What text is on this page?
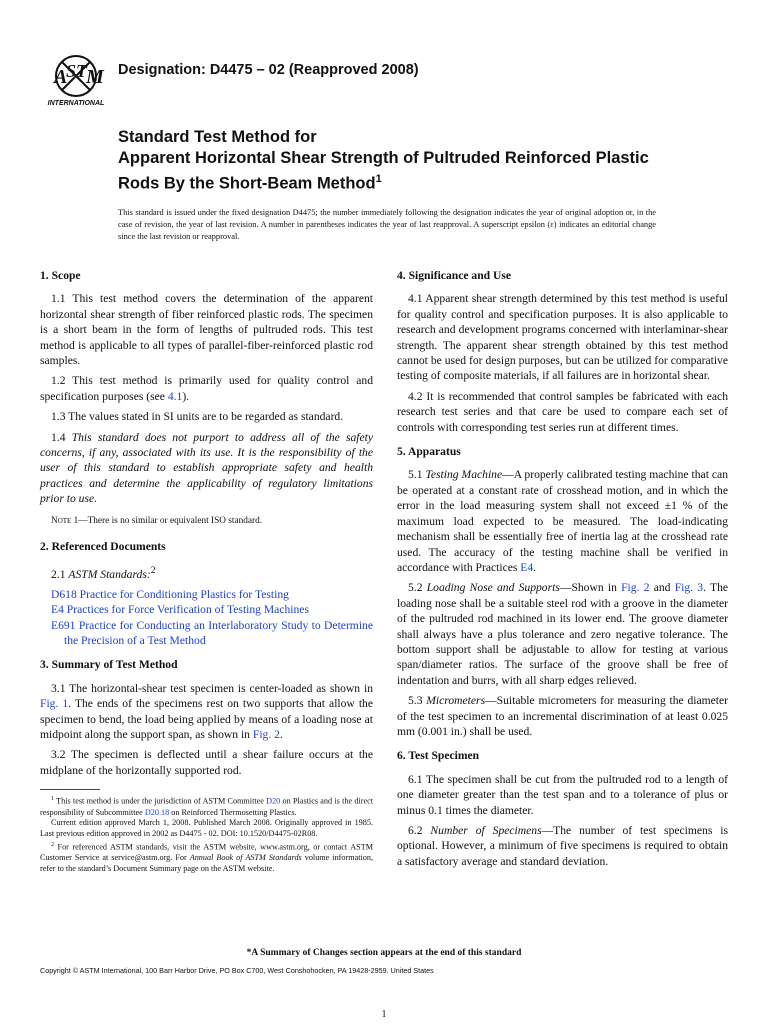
A
S T M
INTERNATIONAL
Designation: D4475 – 02 (Reapproved 2008)
Standard Test Method for
Apparent Horizontal Shear Strength of Pultruded Reinforced Plastic Rods By the Short-Beam Method$^1$
This standard is issued under the fixed designation D4475; the number immediately following the designation indicates the year of original adoption or, in the case of revision, the year of last revision. A number in parentheses indicates the year of last reapproval. A superscript epsilon (ε) indicates an editorial change since the last revision or reapproval.
1. Scope

1.1 This test method covers the determination of the apparent horizontal shear strength of fiber reinforced plastic rods. The specimen is a short beam in the form of lengths of pultruded rods. This test method is applicable to all types of parallel-fiber-reinforced plastic rod samples.

1.2 This test method is primarily used for quality control and specification purposes (see 4.1).

1.3 The values stated in SI units are to be regarded as standard.

1.4 This standard does not purport to address all of the safety concerns, if any, associated with its use. It is the responsibility of the user of this standard to establish appropriate safety and health practices and determine the applicability of regulatory limitations prior to use.

Note 1—There is no similar or equivalent ISO standard.
2. Referenced Documents

2.1 ASTM Standards:$^2$

D618 Practice for Conditioning Plastics for Testing

E4 Practices for Force Verification of Testing Machines

E691 Practice for Conducting an Interlaboratory Study to Determine the Precision of a Test Method

3. Summary of Test Method

3.1 The horizontal-shear test specimen is center-loaded as shown in Fig. 1. The ends of the specimens rest on two supports that allow the specimen to bend, the load being applied by means of a loading nose at midpoint along the support span, as shown in Fig. 2.

3.2 The specimen is deflected until a shear failure occurs at the midplane of the horizontally supported rod.

$^1$ This test method is under the jurisdiction of ASTM Committee D20 on Plastics and is the direct responsibility of Subcommittee D20.18 on Reinforced Thermosetting Plastics.

Current edition approved March 1, 2008. Published March 2008. Originally approved in 1985. Last previous edition approved in 2002 as D4475 - 02. DOI: 10.1520/D4475-02R08.

$^2$ For referenced ASTM standards, visit the ASTM website, www.astm.org, or contact ASTM Customer Service at service@astm.org. For Annual Book of ASTM Standards volume information, refer to the standard’s Document Summary page on the ASTM website.

4. Significance and Use

4.1 Apparent shear strength determined by this test method is useful for quality control and specification purposes. It is also applicable to research and development programs concerned with interlaminar-shear strength. The apparent shear strength obtained by this test method cannot be used for design purposes, but can be utilized for comparative testing of composite materials, if all failures are in horizontal shear.

4.2 It is recommended that control samples be fabricated with each research test series and that care be used to compare each set of controls with corresponding test series run at different times.

5. Apparatus

5.1 Testing Machine—A properly calibrated testing machine that can be operated at a constant rate of crosshead motion, and in which the error in the load measuring system shall not exceed ±1 % of the maximum load expected to be measured. The load-indicating mechanism shall be essentially free of inertia lag at the crosshead rate used. The accuracy of the testing machine shall be verified in accordance with Practices E4.

5.2 Loading Nose and Supports—Shown in Fig. 2 and Fig. 3. The loading nose shall be a suitable steel rod with a groove in the diameter of the pultruded rod machined in its lower end. The groove diameter shall always have a plus tolerance and zero negative tolerance. The bottom support shall be adjustable to allow for testing at various span/diameter ratios. The surface of the groove shall be free of indentation and burrs, with all sharp edges relieved.

5.3 Micrometers—Suitable micrometers for measuring the diameter of the test specimen to an incremental discrimination of at least 0.025 mm (0.001 in.) shall be used.

6. Test Specimen

6.1 The specimen shall be cut from the pultruded rod to a length of one diameter greater than the test span and to a tolerance of plus or minus 0.1 times the diameter.

6.2 Number of Specimens—The number of test specimens is optional. However, a minimum of five specimens is required to obtain a satisfactory average and standard deviation.

*A Summary of Changes section appears at the end of this standard
Copyright © ASTM International, 100 Barr Harbor Drive, PO Box C700, West Conshohocken, PA 19428-2959. United States
1
